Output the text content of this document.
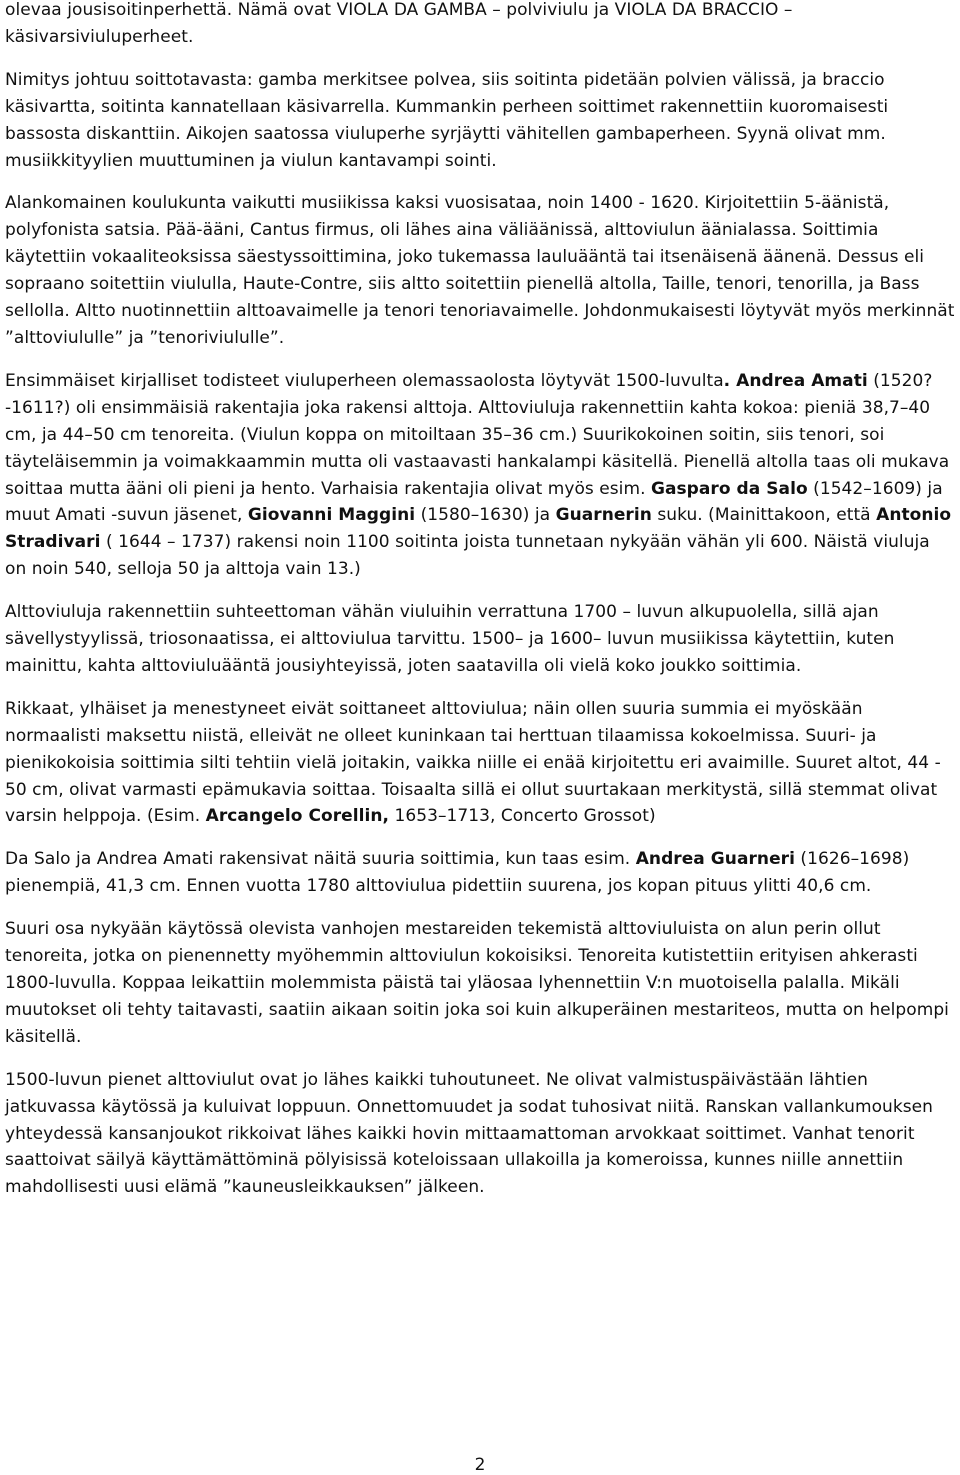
olevaa jousisoitinperhettä. Nämä ovat VIOLA DA GAMBA – polviviulu ja VIOLA DA BRACCIO – käsivarsiviuluperheet.

Nimitys johtuu soittotavasta: gamba merkitsee polvea, siis soitinta pidetään polvien välissä, ja braccio käsivartta, soitinta kannatellaan käsivarrella. Kummankin perheen soittimet rakennettiin kuoromaisesti bassosta diskanttiin. Aikojen saatossa viuluperhe syrjäytti vähitellen gambaperheen. Syynä olivat mm. musiikkityylien muuttuminen ja viulun kantavampi sointi.

Alankomainen koulukunta vaikutti musiikissa kaksi vuosisataa, noin 1400 - 1620. Kirjoitettiin 5-äänistä, polyfonista satsia. Pää-ääni, Cantus firmus, oli lähes aina väliäänissä, alttoviulun äänialassa. Soittimia käytettiin vokaaliteoksissa säestyssoittimina, joko tukemassa lauluääntä tai itsenäisenä äänenä. Dessus eli sopraano soitettiin viululla, Haute-Contre, siis altto soitettiin pienellä altolla, Taille, tenori, tenorilla, ja Bass sellolla. Altto nuotinnettiin alttoavaimelle ja tenori tenoriavaimelle. Johdonmukaisesti löytyvät myös merkinnät ”alttoviululle” ja ”tenoriviululle”.

Ensimmäiset kirjalliset todisteet viuluperheen olemassaolosta löytyvät 1500-luvulta. Andrea Amati (1520?-1611?) oli ensimmäisiä rakentajia joka rakensi alttoja. Alttoviuluja rakennettiin kahta kokoa: pieniä 38,7–40 cm, ja 44–50 cm tenoreita. (Viulun koppa on mitoiltaan 35–36 cm.) Suurikokoinen soitin, siis tenori, soi täyteläisemmin ja voimakkaammin mutta oli vastaavasti hankalampi käsitellä. Pienellä altolla taas oli mukava soittaa mutta ääni oli pieni ja hento. Varhaisia rakentajia olivat myös esim. Gasparo da Salo (1542–1609) ja muut Amati -suvun jäsenet, Giovanni Maggini (1580–1630) ja Guarnerin suku. (Mainittakoon, että Antonio Stradivari ( 1644 – 1737) rakensi noin 1100 soitinta joista tunnetaan nykyään vähän yli 600. Näistä viuluja on noin 540, selloja 50 ja alttoja vain 13.)

Alttoviuluja rakennettiin suhteettoman vähän viuluihin verrattuna 1700 – luvun alkupuolella, sillä ajan sävellystyylissä, triosonaatissa, ei alttoviulua tarvittu. 1500– ja 1600– luvun musiikissa käytettiin, kuten mainittu, kahta alttoviuluääntä jousiyhteyissä, joten saatavilla oli vielä koko joukko soittimia.

Rikkaat, ylhäiset ja menestyneet eivät soittaneet alttoviulua; näin ollen suuria summia ei myöskään normaalisti maksettu niistä, elleivät ne olleet kuninkaan tai herttuan tilaamissa kokoelmissa. Suuri- ja pienikokoisia soittimia silti tehtiin vielä joitakin, vaikka niille ei enää kirjoitettu eri avaimille. Suuret altot, 44 - 50 cm, olivat varmasti epämukavia soittaa. Toisaalta sillä ei ollut suurtakaan merkitystä, sillä stemmat olivat varsin helppoja. (Esim. Arcangelo Corellin, 1653–1713, Concerto Grossot)

Da Salo ja Andrea Amati rakensivat näitä suuria soittimia, kun taas esim. Andrea Guarneri (1626–1698) pienempiä, 41,3 cm. Ennen vuotta 1780 alttoviulua pidettiin suurena, jos kopan pituus ylitti 40,6 cm.

Suuri osa nykyään käytössä olevista vanhojen mestareiden tekemistä alttoviuluista on alun perin ollut tenoreita, jotka on pienennetty myöhemmin alttoviulun kokoisiksi. Tenoreita kutistettiin erityisen ahkerasti 1800-luvulla. Koppaa leikattiin molemmista päistä tai yläosaa lyhennettiin V:n muotoisella palalla. Mikäli muutokset oli tehty taitavasti, saatiin aikaan soitin joka soi kuin alkuperäinen mestariteos, mutta on helpompi käsitellä.

1500-luvun pienet alttoviulut ovat jo lähes kaikki tuhoutuneet. Ne olivat valmistuspäivästään lähtien jatkuvassa käytössä ja kuluivat loppuun. Onnettomuudet ja sodat tuhosivat niitä. Ranskan vallankumouksen yhteydessä kansanjoukot rikkoivat lähes kaikki hovin mittaamattoman arvokkaat soittimet. Vanhat tenorit saattoivat säilyä käyttämättöminä pölyisissä koteloissaan ullakoilla ja komeroissa, kunnes niille annettiin mahdollisesti uusi elämä ”kauneusleikkauksen” jälkeen.

2
